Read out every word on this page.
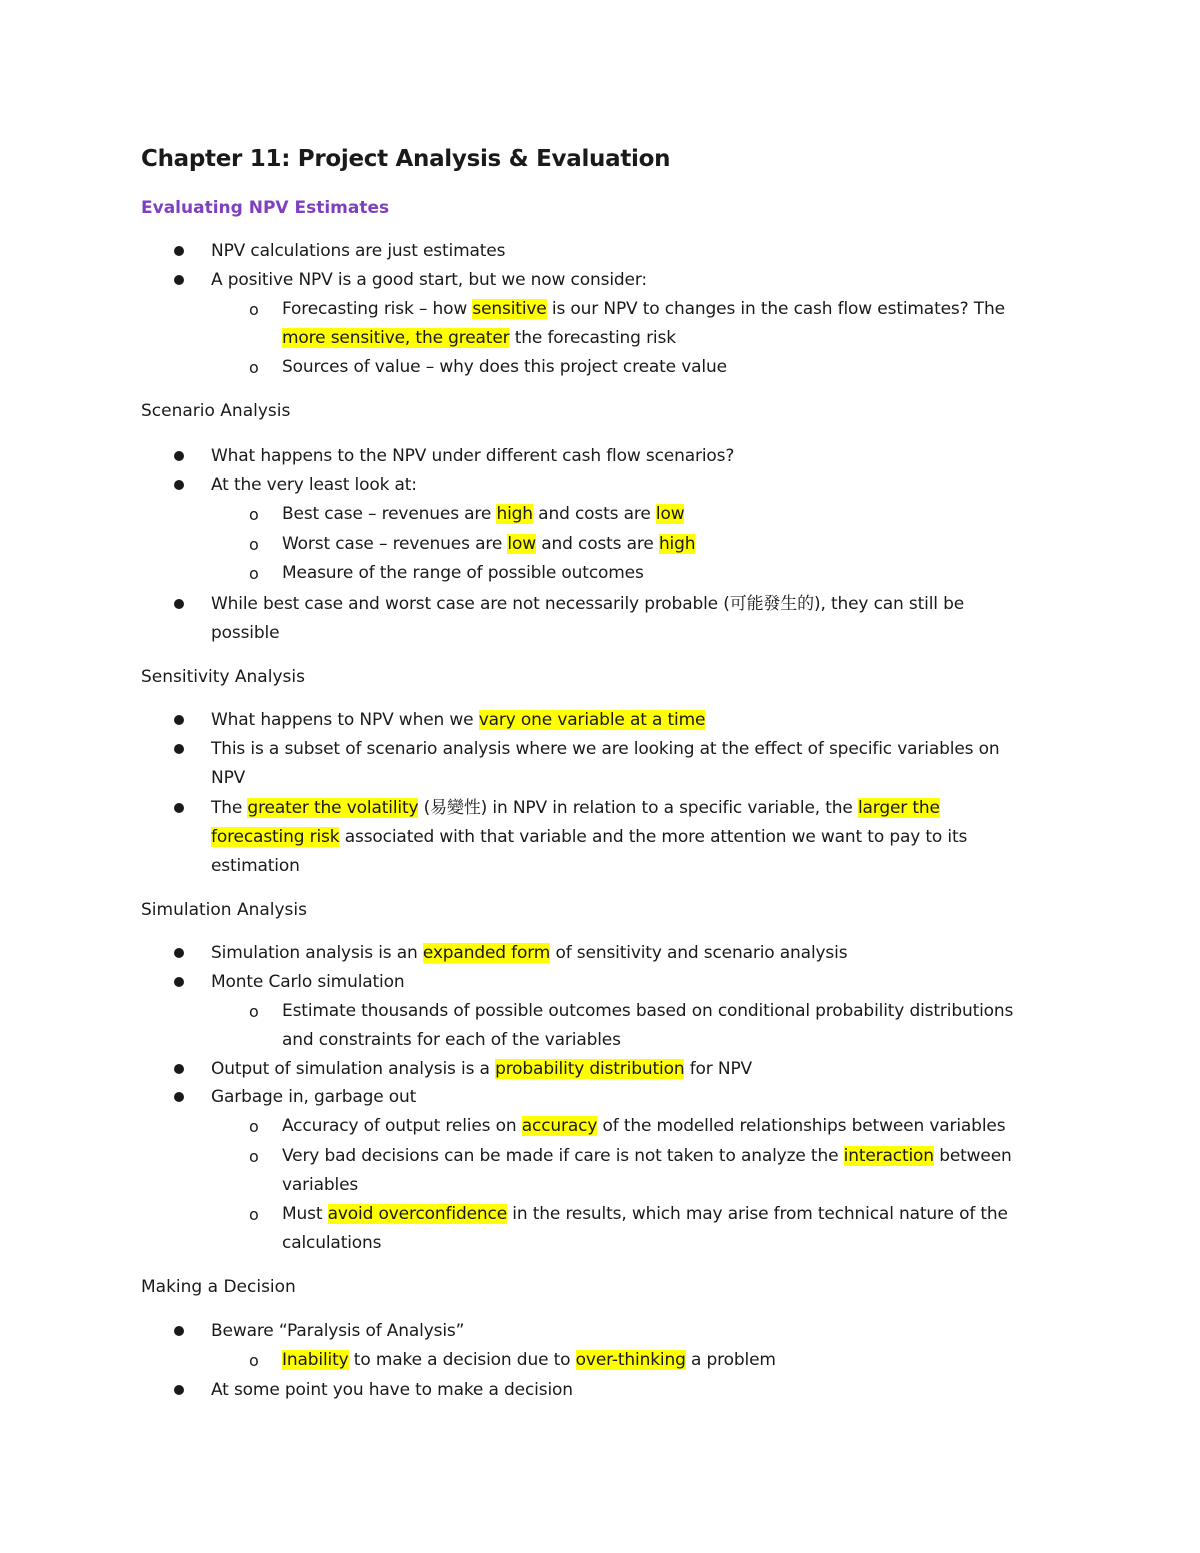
Chapter 11: Project Analysis & Evaluation
Evaluating NPV Estimates
NPV calculations are just estimates
A positive NPV is a good start, but we now consider:
o Forecasting risk – how sensitive is our NPV to changes in the cash flow estimates? The
more sensitive, the greater the forecasting risk
o Sources of value – why does this project create value
Scenario Analysis
What happens to the NPV under different cash flow scenarios?
At the very least look at:
o Best case – revenues are high and costs are low
o Worst case – revenues are low and costs are high
o Measure of the range of possible outcomes
While best case and worst case are not necessarily probable (可能發生的), they can still be
possible
Sensitivity Analysis
What happens to NPV when we vary one variable at a time
This is a subset of scenario analysis where we are looking at the effect of specific variables on
NPV
The greater the volatility (易變性) in NPV in relation to a specific variable, the larger the
forecasting risk associated with that variable and the more attention we want to pay to its
estimation
Simulation Analysis
Simulation analysis is an expanded form of sensitivity and scenario analysis
Monte Carlo simulation
o Estimate thousands of possible outcomes based on conditional probability distributions
and constraints for each of the variables
Output of simulation analysis is a probability distribution for NPV
Garbage in, garbage out
o Accuracy of output relies on accuracy of the modelled relationships between variables
o Very bad decisions can be made if care is not taken to analyze the interaction between
variables
o Must avoid overconfidence in the results, which may arise from technical nature of the
calculations
Making a Decision
Beware “Paralysis of Analysis”
o Inability to make a decision due to over-thinking a problem
At some point you have to make a decision
